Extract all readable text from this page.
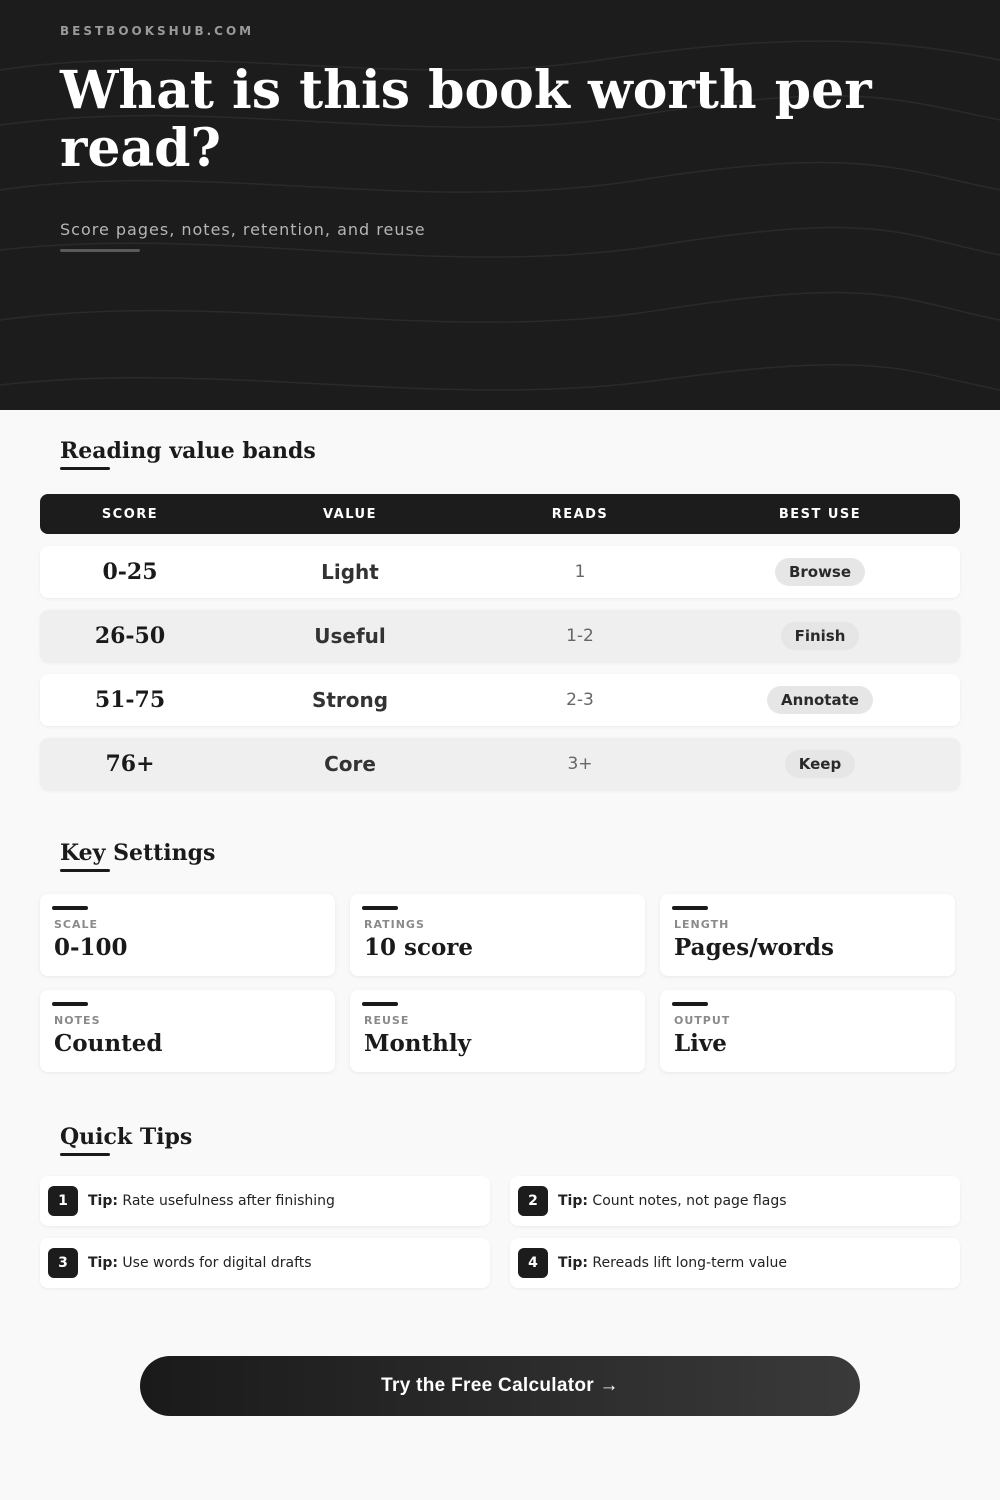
BESTBOOKSHUB.COM
What is this book worth per read?
Score pages, notes, retention, and reuse
Reading value bands
SCORE	VALUE	READS	BEST USE
0-25	Light	1	Browse
26-50	Useful	1-2	Finish
51-75	Strong	2-3	Annotate
76+	Core	3+	Keep
Key Settings
SCALE
0-100
RATINGS
10 score
LENGTH
Pages/words
NOTES
Counted
REUSE
Monthly
OUTPUT
Live
Quick Tips
1	Tip: Rate usefulness after finishing	2	Tip: Count notes, not page flags
3	Tip: Use words for digital drafts	4	Tip: Rereads lift long-term value
Try the Free Calculator →
